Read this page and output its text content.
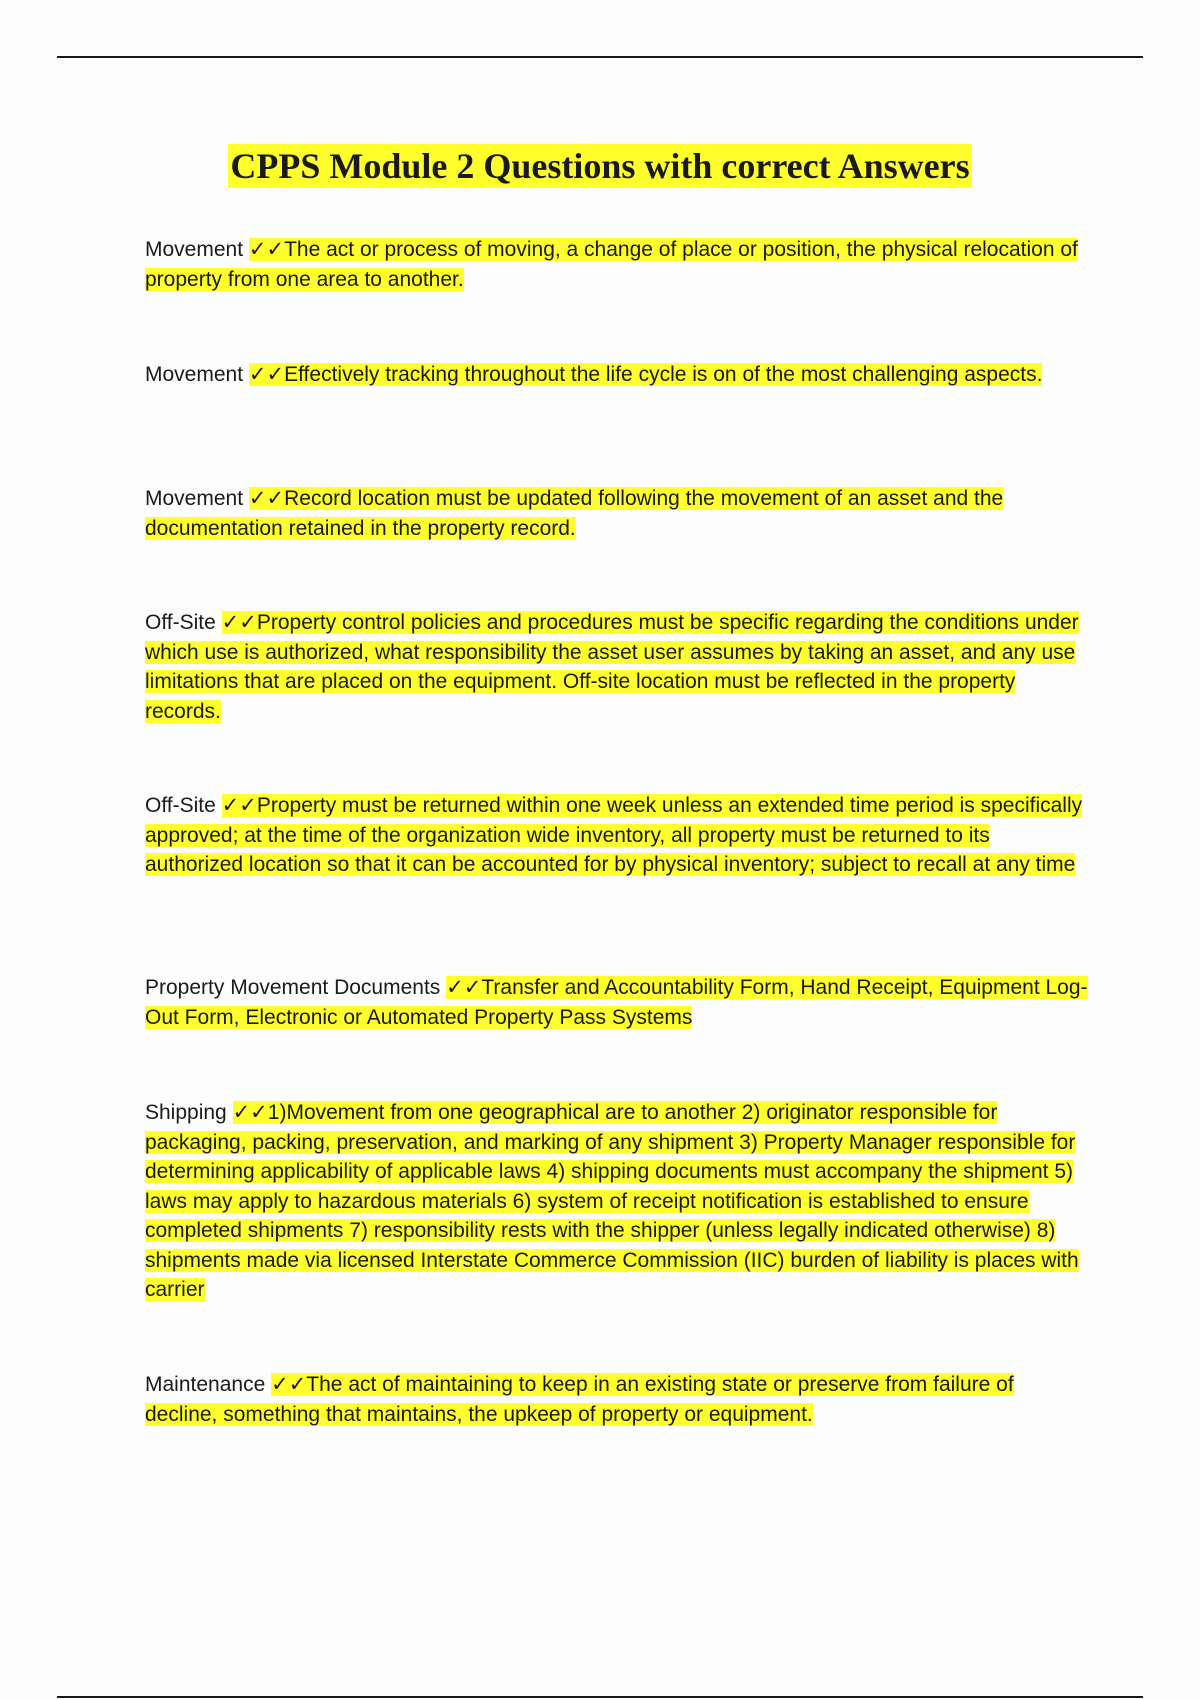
CPPS Module 2 Questions with correct Answers

Movement ✓✓The act or process of moving, a change of place or position, the physical relocation of property from one area to another.

Movement ✓✓Effectively tracking throughout the life cycle is on of the most challenging aspects.

Movement ✓✓Record location must be updated following the movement of an asset and the documentation retained in the property record.

Off-Site ✓✓Property control policies and procedures must be specific regarding the conditions under which use is authorized, what responsibility the asset user assumes by taking an asset, and any use limitations that are placed on the equipment. Off-site location must be reflected in the property records.

Off-Site ✓✓Property must be returned within one week unless an extended time period is specifically approved; at the time of the organization wide inventory, all property must be returned to its authorized location so that it can be accounted for by physical inventory; subject to recall at any time

Property Movement Documents ✓✓Transfer and Accountability Form, Hand Receipt, Equipment Log-Out Form, Electronic or Automated Property Pass Systems

Shipping ✓✓1)Movement from one geographical are to another 2) originator responsible for packaging, packing, preservation, and marking of any shipment 3) Property Manager responsible for determining applicability of applicable laws 4) shipping documents must accompany the shipment 5) laws may apply to hazardous materials 6) system of receipt notification is established to ensure completed shipments 7) responsibility rests with the shipper (unless legally indicated otherwise) 8) shipments made via licensed Interstate Commerce Commission (IIC) burden of liability is places with carrier

Maintenance ✓✓The act of maintaining to keep in an existing state or preserve from failure of decline, something that maintains, the upkeep of property or equipment.
